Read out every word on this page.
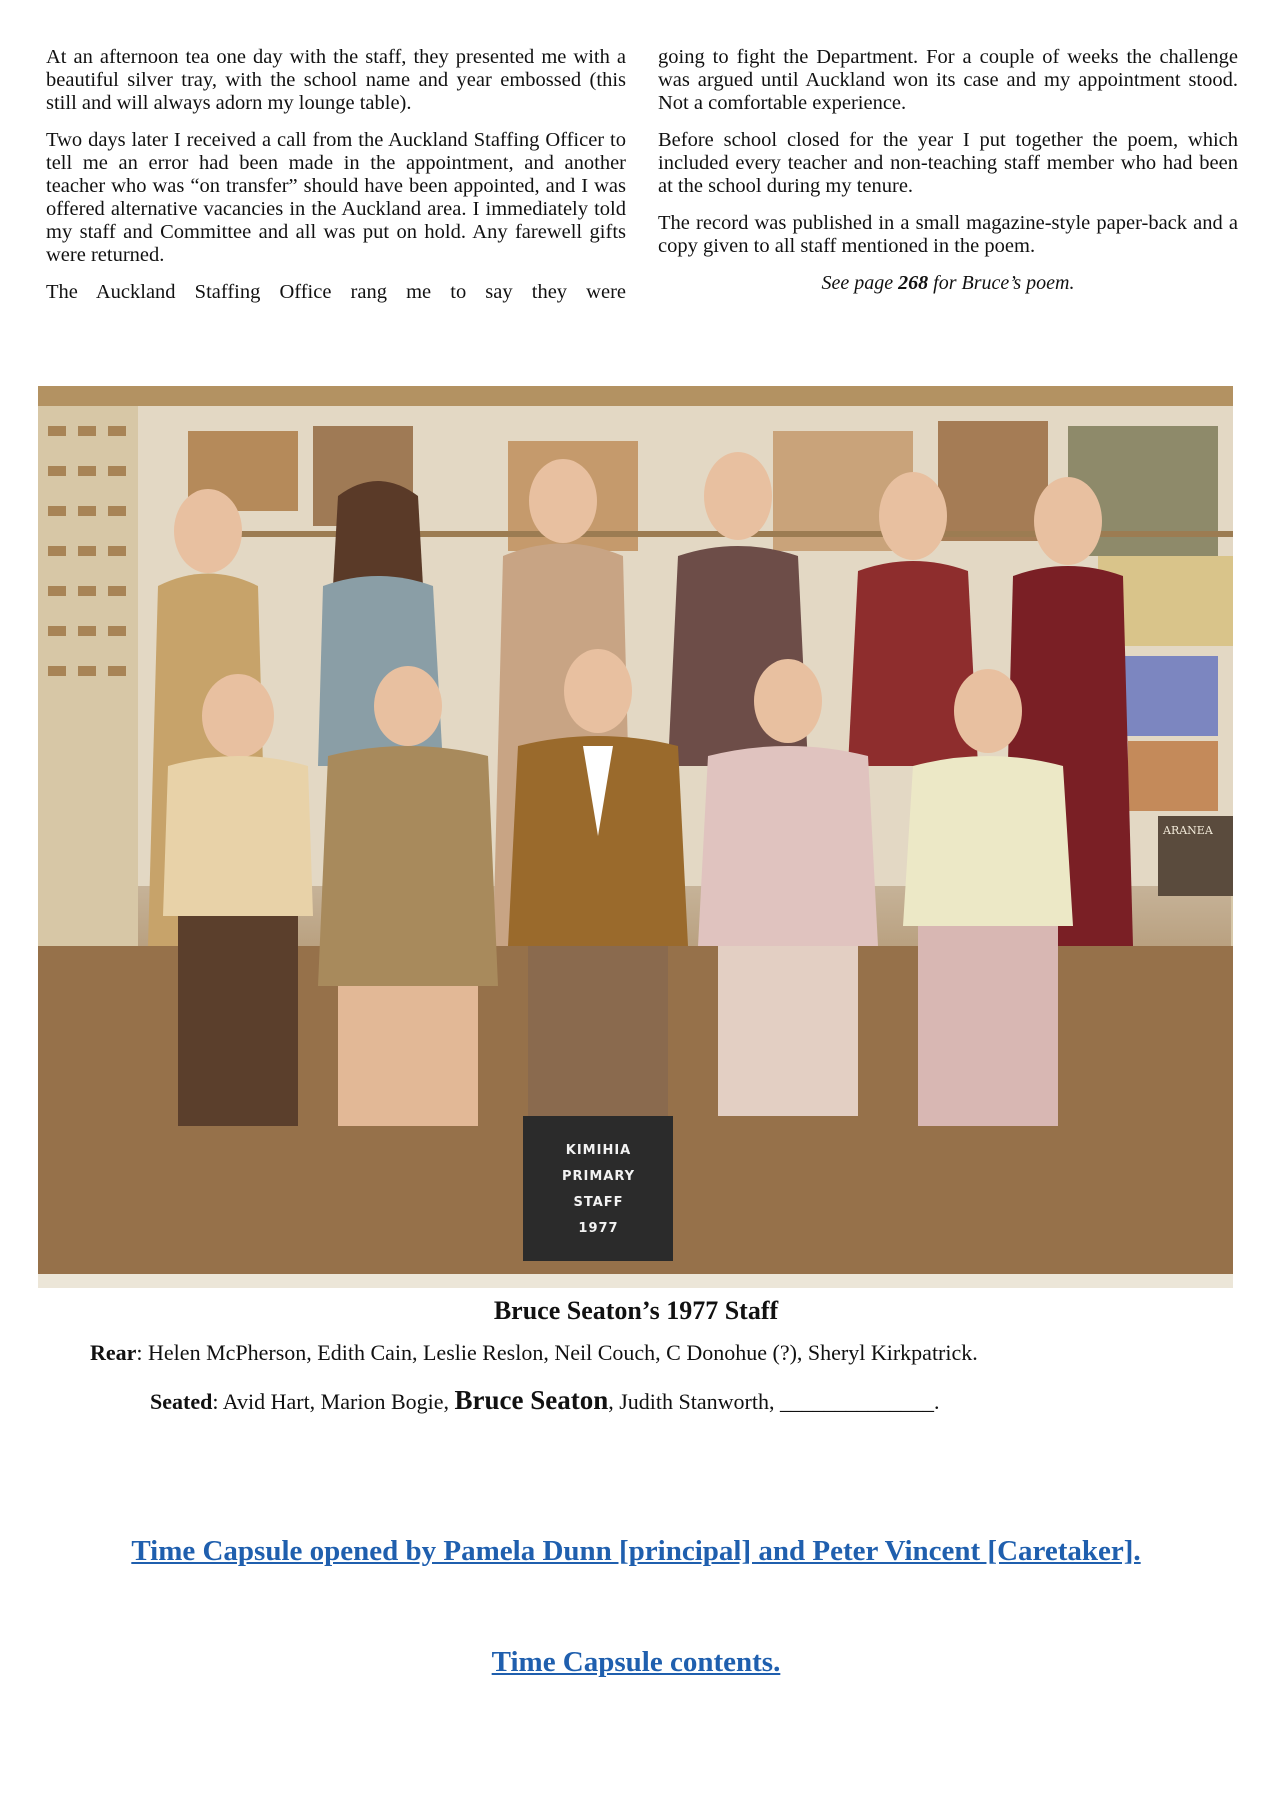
At an afternoon tea one day with the staff, they presented me with a beautiful silver tray, with the school name and year embossed (this still and will always adorn my lounge table).

Two days later I received a call from the Auckland Staffing Officer to tell me an error had been made in the appointment, and another teacher who was “on transfer” should have been appointed, and I was offered alternative vacancies in the Auckland area. I immediately told my staff and Committee and all was put on hold. Any farewell gifts were returned.

The Auckland Staffing Office rang me to say they were

going to fight the Department. For a couple of weeks the challenge was argued until Auckland won its case and my appointment stood. Not a comfortable experience.

Before school closed for the year I put together the poem, which included every teacher and non-teaching staff member who had been at the school during my tenure.

The record was published in a small magazine-style paper-back and a copy given to all staff mentioned in the poem.

See page 268 for Bruce’s poem.
ARANEA
KIMIHIA
PRIMARY
STAFF
1977
Bruce Seaton’s 1977 Staff
Rear: Helen McPherson, Edith Cain, Leslie Reslon, Neil Couch, C Donohue (?), Sheryl Kirkpatrick.
Seated: Avid Hart, Marion Bogie, Bruce Seaton, Judith Stanworth, ______________.
Time Capsule opened by Pamela Dunn [principal] and Peter Vincent [Caretaker].
Time Capsule contents.
